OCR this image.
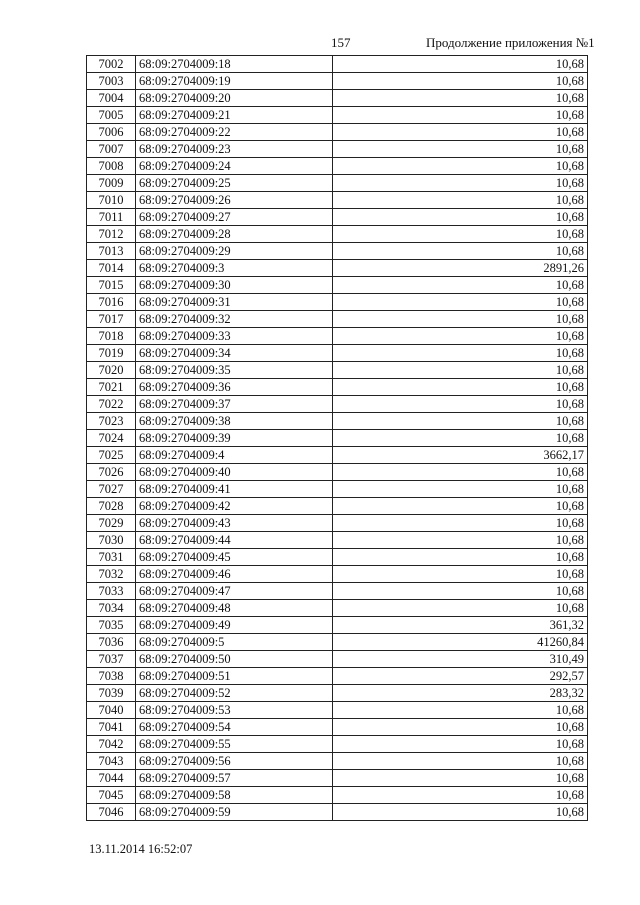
157	Продолжение приложения №1
7002	68:09:2704009:18	10,68
7003	68:09:2704009:19	10,68
7004	68:09:2704009:20	10,68
7005	68:09:2704009:21	10,68
7006	68:09:2704009:22	10,68
7007	68:09:2704009:23	10,68
7008	68:09:2704009:24	10,68
7009	68:09:2704009:25	10,68
7010	68:09:2704009:26	10,68
7011	68:09:2704009:27	10,68
7012	68:09:2704009:28	10,68
7013	68:09:2704009:29	10,68
7014	68:09:2704009:3	2891,26
7015	68:09:2704009:30	10,68
7016	68:09:2704009:31	10,68
7017	68:09:2704009:32	10,68
7018	68:09:2704009:33	10,68
7019	68:09:2704009:34	10,68
7020	68:09:2704009:35	10,68
7021	68:09:2704009:36	10,68
7022	68:09:2704009:37	10,68
7023	68:09:2704009:38	10,68
7024	68:09:2704009:39	10,68
7025	68:09:2704009:4	3662,17
7026	68:09:2704009:40	10,68
7027	68:09:2704009:41	10,68
7028	68:09:2704009:42	10,68
7029	68:09:2704009:43	10,68
7030	68:09:2704009:44	10,68
7031	68:09:2704009:45	10,68
7032	68:09:2704009:46	10,68
7033	68:09:2704009:47	10,68
7034	68:09:2704009:48	10,68
7035	68:09:2704009:49	361,32
7036	68:09:2704009:5	41260,84
7037	68:09:2704009:50	310,49
7038	68:09:2704009:51	292,57
7039	68:09:2704009:52	283,32
7040	68:09:2704009:53	10,68
7041	68:09:2704009:54	10,68
7042	68:09:2704009:55	10,68
7043	68:09:2704009:56	10,68
7044	68:09:2704009:57	10,68
7045	68:09:2704009:58	10,68
7046	68:09:2704009:59	10,68
13.11.2014 16:52:07
